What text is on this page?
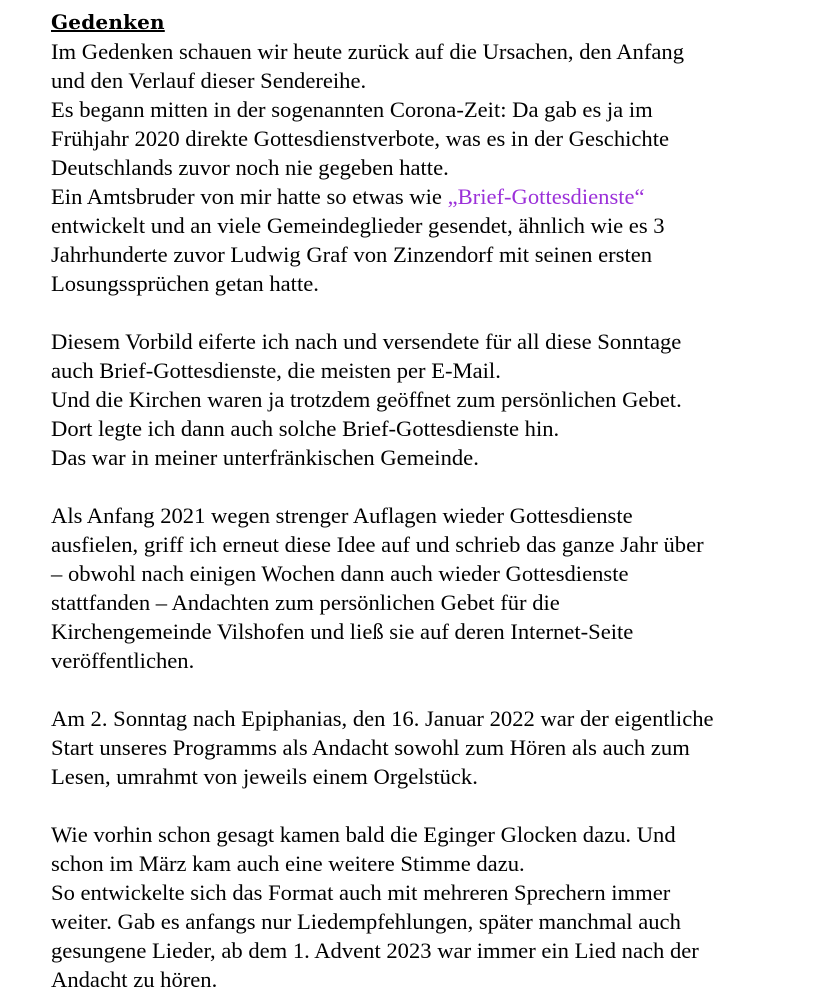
Gedenken
Im Gedenken schauen wir heute zurück auf die Ursachen, den Anfang
und den Verlauf dieser Sendereihe.
Es begann mitten in der sogenannten Corona-Zeit: Da gab es ja im
Frühjahr 2020 direkte Gottesdienstverbote, was es in der Geschichte
Deutschlands zuvor noch nie gegeben hatte.
Ein Amtsbruder von mir hatte so etwas wie „Brief-Gottesdienste“
entwickelt und an viele Gemeindeglieder gesendet, ähnlich wie es 3
Jahrhunderte zuvor Ludwig Graf von Zinzendorf mit seinen ersten
Losungssprüchen getan hatte.
Diesem Vorbild eiferte ich nach und versendete für all diese Sonntage
auch Brief-Gottesdienste, die meisten per E-Mail.
Und die Kirchen waren ja trotzdem geöffnet zum persönlichen Gebet.
Dort legte ich dann auch solche Brief-Gottesdienste hin.
Das war in meiner unterfränkischen Gemeinde.
Als Anfang 2021 wegen strenger Auflagen wieder Gottesdienste
ausfielen, griff ich erneut diese Idee auf und schrieb das ganze Jahr über
– obwohl nach einigen Wochen dann auch wieder Gottesdienste
stattfanden – Andachten zum persönlichen Gebet für die
Kirchengemeinde Vilshofen und ließ sie auf deren Internet-Seite
veröffentlichen.
Am 2. Sonntag nach Epiphanias, den 16. Januar 2022 war der eigentliche
Start unseres Programms als Andacht sowohl zum Hören als auch zum
Lesen, umrahmt von jeweils einem Orgelstück.
Wie vorhin schon gesagt kamen bald die Eginger Glocken dazu. Und
schon im März kam auch eine weitere Stimme dazu.
So entwickelte sich das Format auch mit mehreren Sprechern immer
weiter. Gab es anfangs nur Liedempfehlungen, später manchmal auch
gesungene Lieder, ab dem 1. Advent 2023 war immer ein Lied nach der
Andacht zu hören.
